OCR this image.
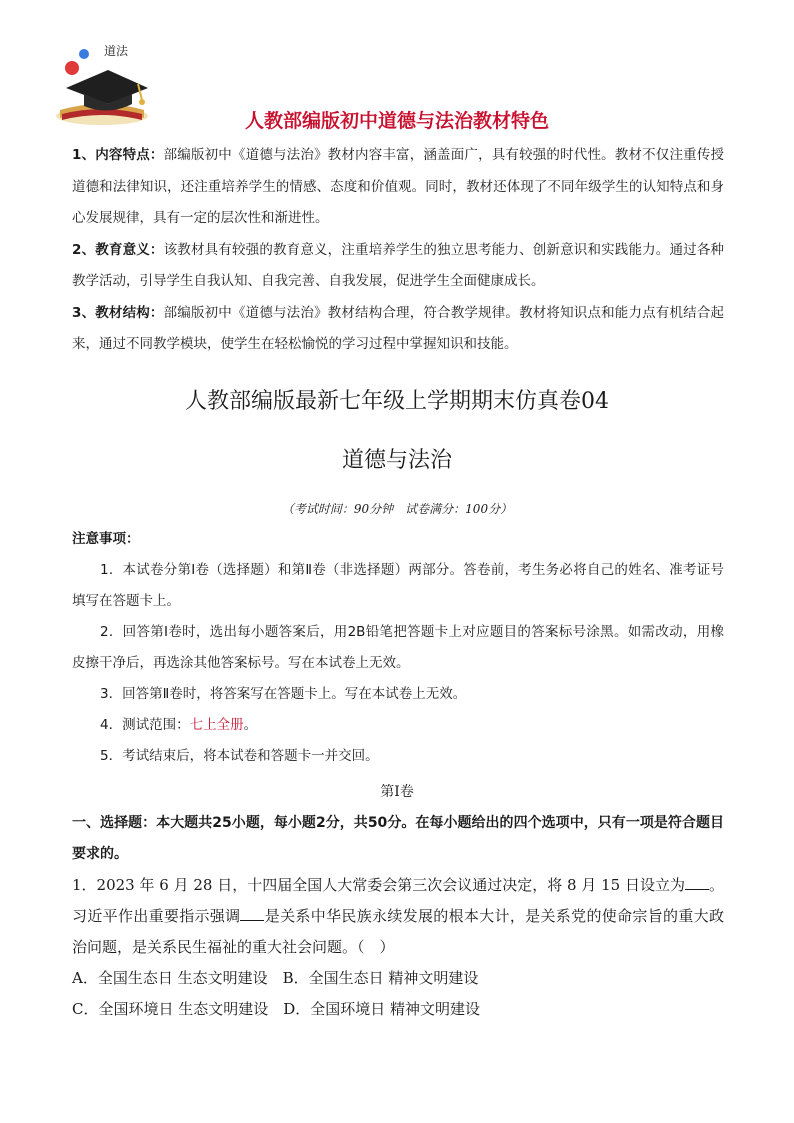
道法
人教部编版初中道德与法治教材特色

1、内容特点：部编版初中《道德与法治》教材内容丰富，涵盖面广，具有较强的时代性。教材不仅注重传授道德和法律知识，还注重培养学生的情感、态度和价值观。同时，教材还体现了不同年级学生的认知特点和身心发展规律，具有一定的层次性和渐进性。

2、教育意义：该教材具有较强的教育意义，注重培养学生的独立思考能力、创新意识和实践能力。通过各种教学活动，引导学生自我认知、自我完善、自我发展，促进学生全面健康成长。

3、教材结构：部编版初中《道德与法治》教材结构合理，符合教学规律。教材将知识点和能力点有机结合起来，通过不同教学模块，使学生在轻松愉悦的学习过程中掌握知识和技能。

人教部编版最新七年级上学期期末仿真卷04
道德与法治
（考试时间：90分钟　试卷满分：100分）

注意事项：

1．本试卷分第Ⅰ卷（选择题）和第Ⅱ卷（非选择题）两部分。答卷前，考生务必将自己的姓名、准考证号填写在答题卡上。

2．回答第Ⅰ卷时，选出每小题答案后，用2B铅笔把答题卡上对应题目的答案标号涂黑。如需改动，用橡皮擦干净后，再选涂其他答案标号。写在本试卷上无效。

3．回答第Ⅱ卷时，将答案写在答题卡上。写在本试卷上无效。

4．测试范围：七上全册。

5．考试结束后，将本试卷和答题卡一并交回。

第Ⅰ卷
一、选择题：本大题共25小题，每小题2分，共50分。在每小题给出的四个选项中，只有一项是符合题目要求的。
1．2023 年 6 月 28 日，十四届全国人大常委会第三次会议通过决定，将 8 月 15 日设立为 。习近平作出重要指示强调 是关系中华民族永续发展的根本大计，是关系党的使命宗旨的重大政治问题，是关系民生福祉的重大社会问题。（　）

A．全国生态日 生态文明建设　B．全国生态日 精神文明建设

C．全国环境日 生态文明建设　D．全国环境日 精神文明建设
